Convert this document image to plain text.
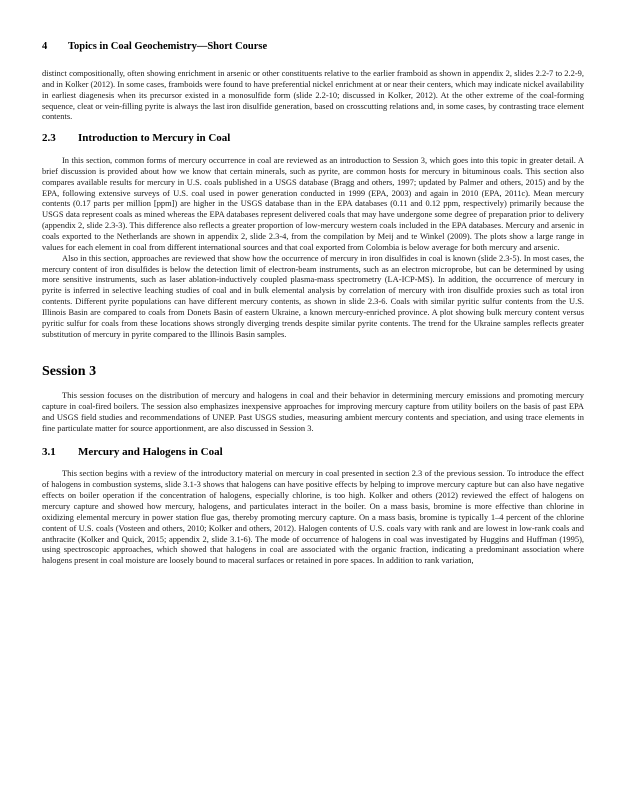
4 Topics in Coal Geochemistry—Short Course

distinct compositionally, often showing enrichment in arsenic or other constituents relative to the earlier framboid as shown in appendix 2, slides 2.2-7 to 2.2-9, and in Kolker (2012). In some cases, framboids were found to have preferential nickel enrichment at or near their centers, which may indicate nickel availability in earliest diagenesis when its precursor existed in a monosulfide form (slide 2.2-10; discussed in Kolker, 2012). At the other extreme of the coal-forming sequence, cleat or vein-filling pyrite is always the last iron disulfide generation, based on crosscutting relations and, in some cases, by contrasting trace element contents.

2.3 Introduction to Mercury in Coal

In this section, common forms of mercury occurrence in coal are reviewed as an introduction to Session 3, which goes into this topic in greater detail. A brief discussion is provided about how we know that certain minerals, such as pyrite, are common hosts for mercury in bituminous coals. This section also compares available results for mercury in U.S. coals published in a USGS database (Bragg and others, 1997; updated by Palmer and others, 2015) and by the EPA, following extensive surveys of U.S. coal used in power generation conducted in 1999 (EPA, 2003) and again in 2010 (EPA, 2011c). Mean mercury contents (0.17 parts per million [ppm]) are higher in the USGS database than in the EPA databases (0.11 and 0.12 ppm, respectively) primarily because the USGS data represent coals as mined whereas the EPA databases represent delivered coals that may have undergone some degree of preparation prior to delivery (appendix 2, slide 2.3-3). This difference also reflects a greater proportion of low-mercury western coals included in the EPA databases. Mercury and arsenic in coals exported to the Netherlands are shown in appendix 2, slide 2.3-4, from the compilation by Meij and te Winkel (2009). The plots show a large range in values for each element in coal from different international sources and that coal exported from Colombia is below average for both mercury and arsenic.

Also in this section, approaches are reviewed that show how the occurrence of mercury in iron disulfides in coal is known (slide 2.3-5). In most cases, the mercury content of iron disulfides is below the detection limit of electron-beam instruments, such as an electron microprobe, but can be determined by using more sensitive instruments, such as laser ablation-inductively coupled plasma-mass spectrometry (LA-ICP-MS). In addition, the occurrence of mercury in pyrite is inferred in selective leaching studies of coal and in bulk elemental analysis by correlation of mercury with iron disulfide proxies such as total iron contents. Different pyrite populations can have different mercury contents, as shown in slide 2.3-6. Coals with similar pyritic sulfur contents from the U.S. Illinois Basin are compared to coals from Donets Basin of eastern Ukraine, a known mercury-enriched province. A plot showing bulk mercury content versus pyritic sulfur for coals from these locations shows strongly diverging trends despite similar pyrite contents. The trend for the Ukraine samples reflects greater substitution of mercury in pyrite compared to the Illinois Basin samples.

Session 3

This session focuses on the distribution of mercury and halogens in coal and their behavior in determining mercury emissions and promoting mercury capture in coal-fired boilers. The session also emphasizes inexpensive approaches for improving mercury capture from utility boilers on the basis of past EPA and USGS field studies and recommendations of UNEP. Past USGS studies, measuring ambient mercury contents and speciation, and using trace elements in fine particulate matter for source apportionment, are also discussed in Session 3.

3.1 Mercury and Halogens in Coal

This section begins with a review of the introductory material on mercury in coal presented in section 2.3 of the previous session. To introduce the effect of halogens in combustion systems, slide 3.1-3 shows that halogens can have positive effects by helping to improve mercury capture but can also have negative effects on boiler operation if the concentration of halogens, especially chlorine, is too high. Kolker and others (2012) reviewed the effect of halogens on mercury capture and showed how mercury, halogens, and particulates interact in the boiler. On a mass basis, bromine is more effective than chlorine in oxidizing elemental mercury in power station flue gas, thereby promoting mercury capture. On a mass basis, bromine is typically 1–4 percent of the chlorine content of U.S. coals (Vosteen and others, 2010; Kolker and others, 2012). Halogen contents of U.S. coals vary with rank and are lowest in low-rank coals and anthracite (Kolker and Quick, 2015; appendix 2, slide 3.1-6). The mode of occurrence of halogens in coal was investigated by Huggins and Huffman (1995), using spectroscopic approaches, which showed that halogens in coal are associated with the organic fraction, indicating a predominant association where halogens present in coal moisture are loosely bound to maceral surfaces or retained in pore spaces. In addition to rank variation,
